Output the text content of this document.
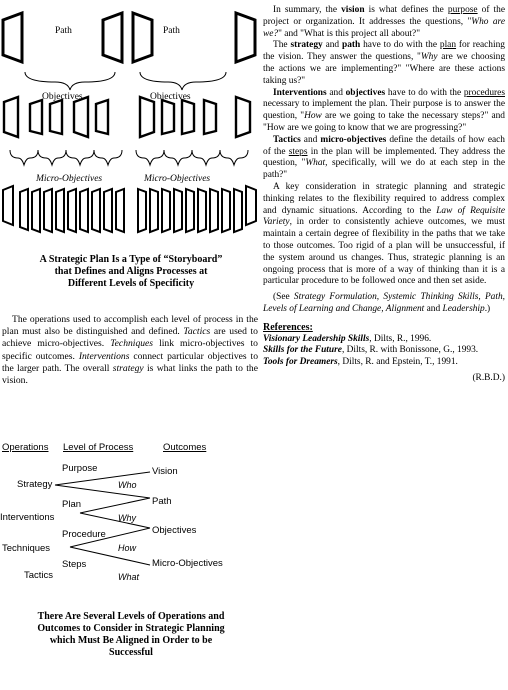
Path	Path
Objectives	Objectives
Micro-Objectives	Micro-Objectives
A Strategic Plan Is a Type of “Storyboard”
that Defines and Aligns Processes at
Different Levels of Specificity
The operations used to accomplish each level of process in the plan must also be distinguished and defined. Tactics are used to achieve micro-objectives. Techniques link micro-objectives to specific outcomes. Interventions connect particular objectives to the larger path. The overall strategy is what links the path to the vision.
Operations Level of Process	Outcomes
Purpose	Vision
Strategy	Who
Plan	Path
Interventions	Why
Procedure	Objectives
How
Techniques
Steps	Micro-Objectives
Tactics	What
There Are Several Levels of Operations and
Outcomes to Consider in Strategic Planning
which Must Be Aligned in Order to be
Successful

In summary, the vision is what defines the purpose of the project or organization. It addresses the questions, "Who are we?" and "What is this project all about?"

The strategy and path have to do with the plan for reaching the vision. They answer the questions, "Why are we choosing the actions we are implementing?" "Where are these actions taking us?"

Interventions and objectives have to do with the procedures necessary to implement the plan. Their purpose is to answer the question, "How are we going to take the necessary steps?" and "How are we going to know that we are progressing?"

Tactics and micro-objectives define the details of how each of the steps in the plan will be implemented. They address the question, "What, specifically, will we do at each step in the path?"

A key consideration in strategic planning and strategic thinking relates to the flexibility required to address complex and dynamic situations. According to the Law of Requisite Variety, in order to consistently achieve outcomes, we must maintain a certain degree of flexibility in the paths that we take to those outcomes. Too rigid of a plan will be unsuccessful, if the system around us changes. Thus, strategic planning is an ongoing process that is more of a way of thinking than it is a particular procedure to be followed once and then set aside.

(See Strategy Formulation, Systemic Thinking Skills, Path, Levels of Learning and Change, Alignment and Leadership.)

References:

Visionary Leadership Skills, Dilts, R., 1996.

Skills for the Future, Dilts, R. with Bonissone, G., 1993.

Tools for Dreamers, Dilts, R. and Epstein, T., 1991.

(R.B.D.)
